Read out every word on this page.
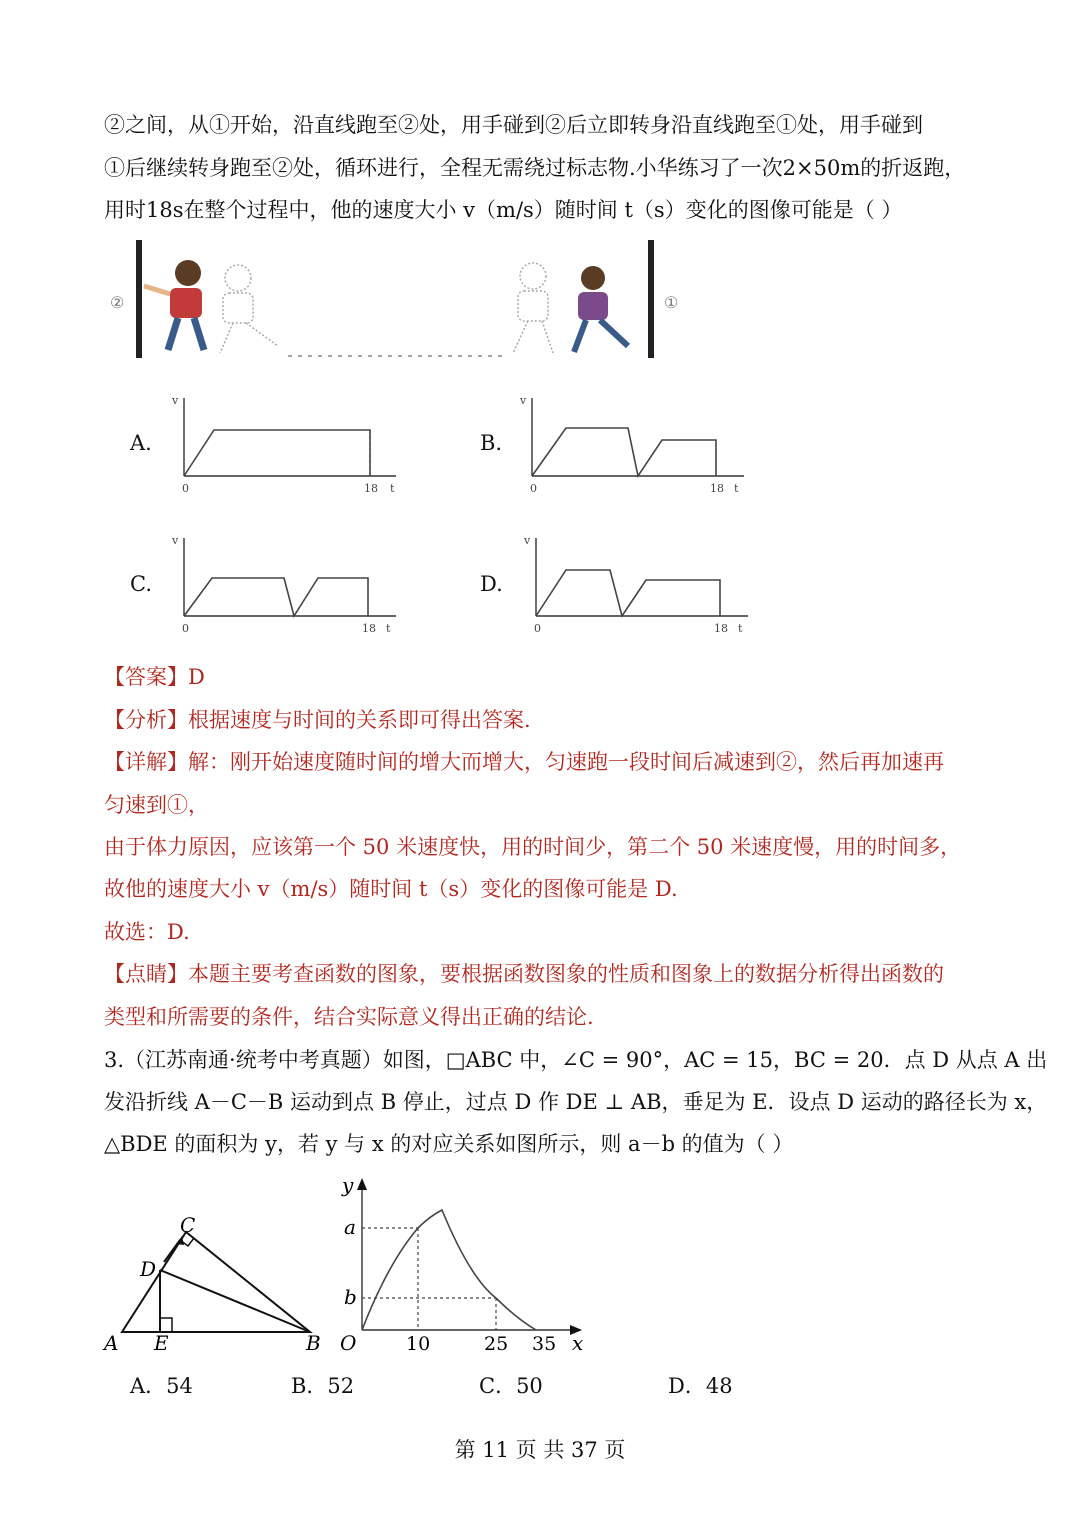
②之间，从①开始，沿直线跑至②处，用手碰到②后立即转身沿直线跑至①处，用手碰到
①后继续转身跑至②处，循环进行，全程无需绕过标志物.小华练习了一次2×50m的折返跑，
用时18s在整个过程中，他的速度大小 v（m/s）随时间 t（s）变化的图像可能是（ ）
②	①
A.
v
0	18 t
B.
v
0	18 t
C.
v
0	18 t
D.
v
0	18 t
【答案】D
【分析】根据速度与时间的关系即可得出答案.
【详解】解：刚开始速度随时间的增大而增大，匀速跑一段时间后减速到②，然后再加速再
匀速到①，
由于体力原因，应该第一个 50 米速度快，用的时间少，第二个 50 米速度慢，用的时间多，
故他的速度大小 v（m/s）随时间 t（s）变化的图像可能是 D.
故选：D.
【点睛】本题主要考查函数的图象，要根据函数图象的性质和图象上的数据分析得出函数的
类型和所需要的条件，结合实际意义得出正确的结论.
3.（江苏南通·统考中考真题）如图，□ABC 中，∠C = 90°，AC = 15，BC = 20．点 D 从点 A 出
发沿折线 A－C－B 运动到点 B 停止，过点 D 作 DE ⊥ AB，垂足为 E．设点 D 运动的路径长为 x，
△BDE 的面积为 y，若 y 与 x 的对应关系如图所示，则 a－b 的值为（ ）
A E	B
C
D
y
x
O
a
b
10	25 35
A．54	B．52	C．50	D．48
第 11 页 共 37 页
